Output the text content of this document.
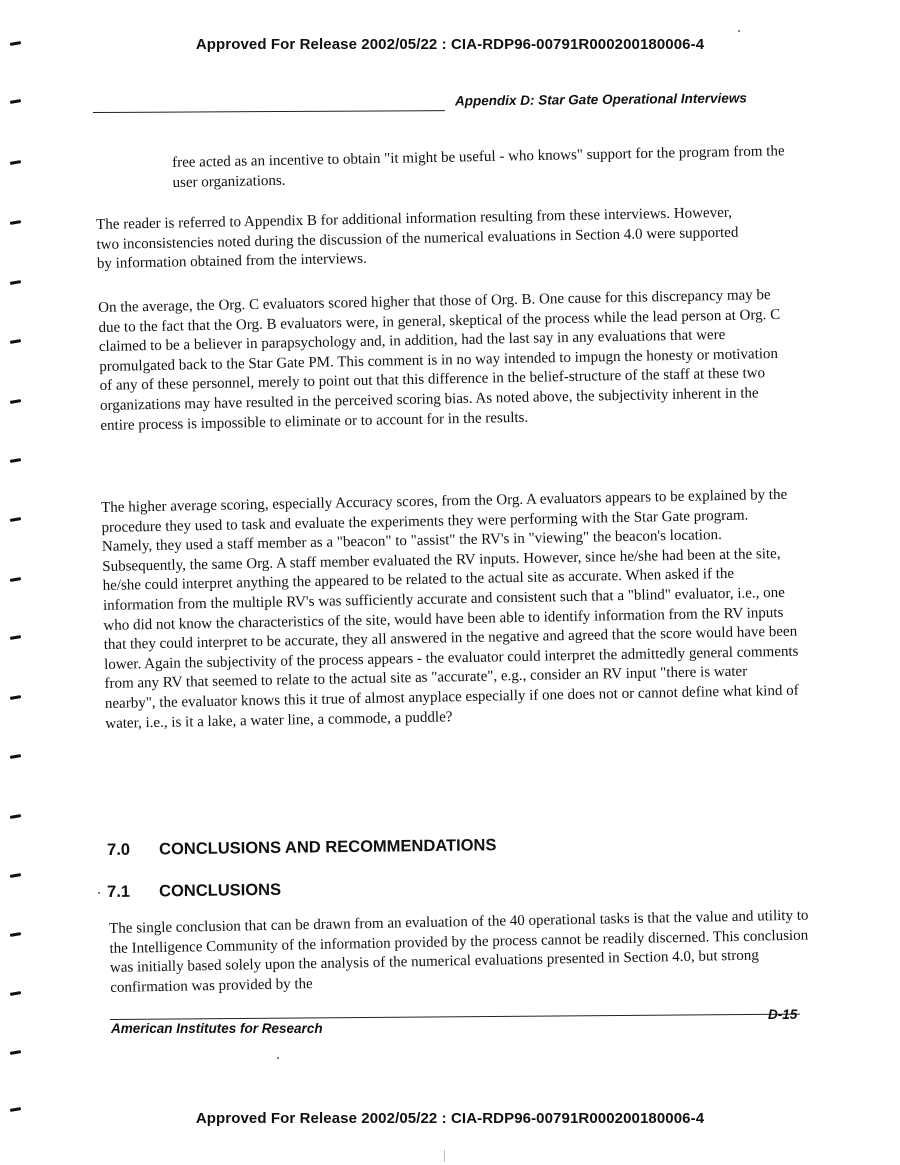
Approved For Release 2002/05/22 : CIA-RDP96-00791R000200180006-4
Appendix D: Star Gate Operational Interviews

free acted as an incentive to obtain "it might be useful - who knows" support for the program from the user organizations.

The reader is referred to Appendix B for additional information resulting from these interviews. However, two inconsistencies noted during the discussion of the numerical evaluations in Section 4.0 were supported by information obtained from the interviews.

On the average, the Org. C evaluators scored higher that those of Org. B. One cause for this discrepancy may be due to the fact that the Org. B evaluators were, in general, skeptical of the process while the lead person at Org. C claimed to be a believer in parapsychology and, in addition, had the last say in any evaluations that were promulgated back to the Star Gate PM. This comment is in no way intended to impugn the honesty or motivation of any of these personnel, merely to point out that this difference in the belief-structure of the staff at these two organizations may have resulted in the perceived scoring bias. As noted above, the subjectivity inherent in the entire process is impossible to eliminate or to account for in the results.

The higher average scoring, especially Accuracy scores, from the Org. A evaluators appears to be explained by the procedure they used to task and evaluate the experiments they were performing with the Star Gate program. Namely, they used a staff member as a "beacon" to "assist" the RV's in "viewing" the beacon's location. Subsequently, the same Org. A staff member evaluated the RV inputs. However, since he/she had been at the site, he/she could interpret anything the appeared to be related to the actual site as accurate. When asked if the information from the multiple RV's was sufficiently accurate and consistent such that a "blind" evaluator, i.e., one who did not know the characteristics of the site, would have been able to identify information from the RV inputs that they could interpret to be accurate, they all answered in the negative and agreed that the score would have been lower. Again the subjectivity of the process appears - the evaluator could interpret the admittedly general comments from any RV that seemed to relate to the actual site as "accurate", e.g., consider an RV input "there is water nearby", the evaluator knows this it true of almost anyplace especially if one does not or cannot define what kind of water, i.e., is it a lake, a water line, a commode, a puddle?

7.0 CONCLUSIONS AND RECOMMENDATIONS
7.1 CONCLUSIONS

The single conclusion that can be drawn from an evaluation of the 40 operational tasks is that the value and utility to the Intelligence Community of the information provided by the process cannot be readily discerned. This conclusion was initially based solely upon the analysis of the numerical evaluations presented in Section 4.0, but strong confirmation was provided by the

American Institutes for Research
D-15
Approved For Release 2002/05/22 : CIA-RDP96-00791R000200180006-4
